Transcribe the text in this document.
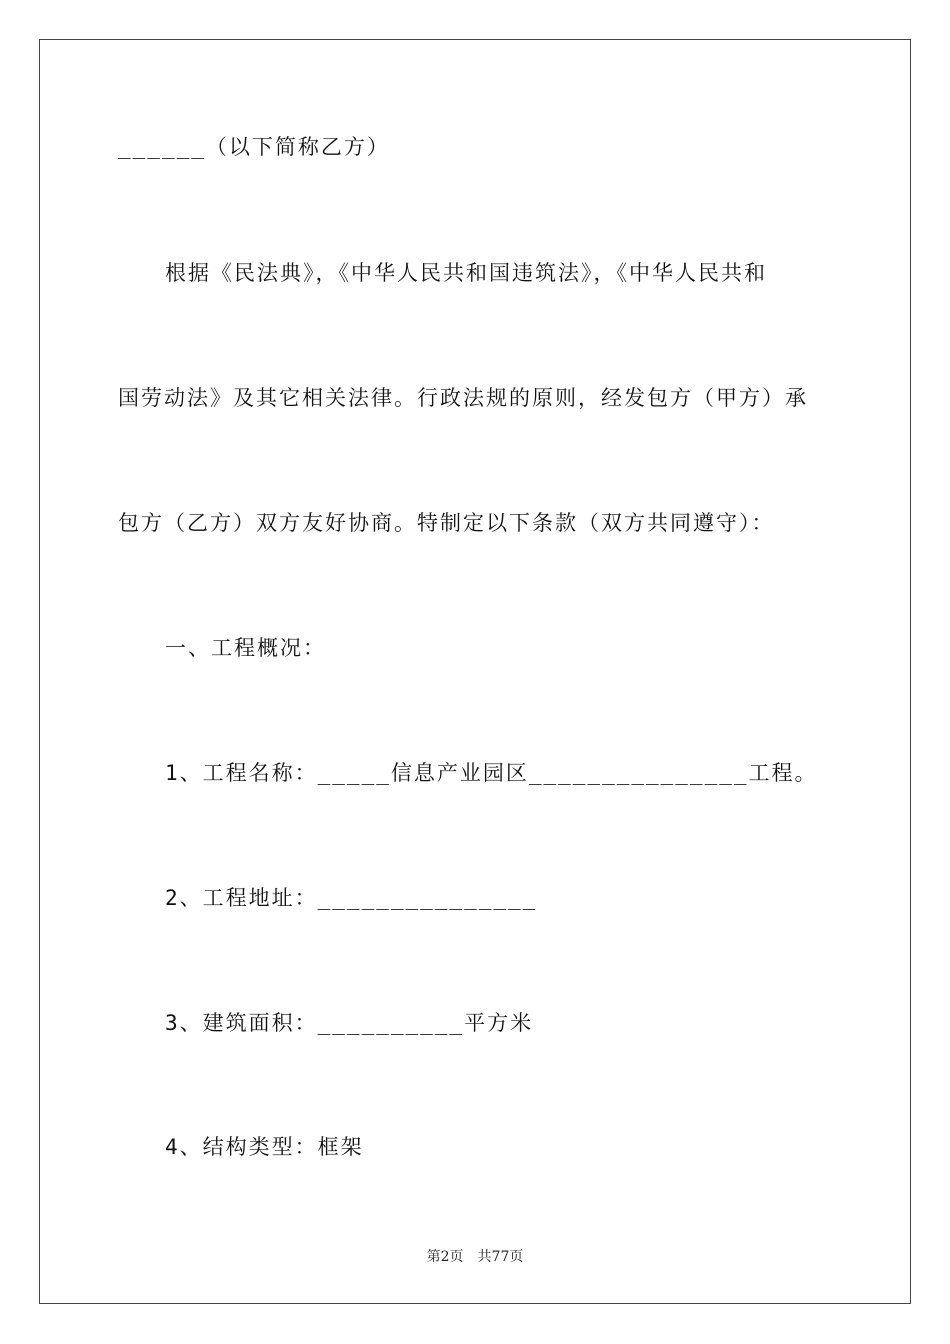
______（以下简称乙方）
根据《民法典》，《中华人民共和国违筑法》，《中华人民共和
国劳动法》及其它相关法律。行政法规的原则，经发包方（甲方）承
包方（乙方）双方友好协商。特制定以下条款（双方共同遵守）：
一、工程概况：
1、工程名称：_____信息产业园区_______________工程。
2、工程地址：_______________
3、建筑面积：__________平方米
4、结构类型：框架
第2页　共77页
